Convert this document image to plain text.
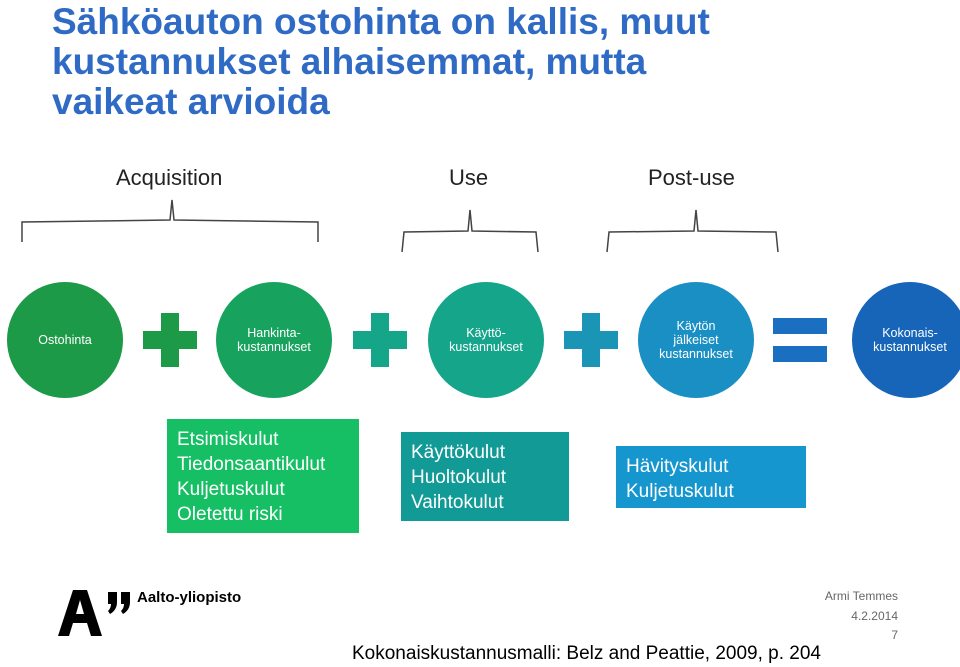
Sähköauton ostohinta on kallis, muut
kustannukset alhaisemmat, mutta
vaikeat arvioida
Acquisition	Use	Post-use
Ostohinta	Hankinta-
kustannukset
Käyttö-
kustannukset
Käytön
jälkeiset
kustannukset
Kokonais-
kustannukset
Etsimiskulut
Tiedonsaantikulut
Kuljetuskulut
Oletettu riski
Käyttökulut
Huoltokulut
Vaihtokulut
Hävityskulut
Kuljetuskulut
Aalto-yliopisto	Armi Temmes
4.2.2014
7
Kokonaiskustannusmalli: Belz and Peattie, 2009, p. 204
